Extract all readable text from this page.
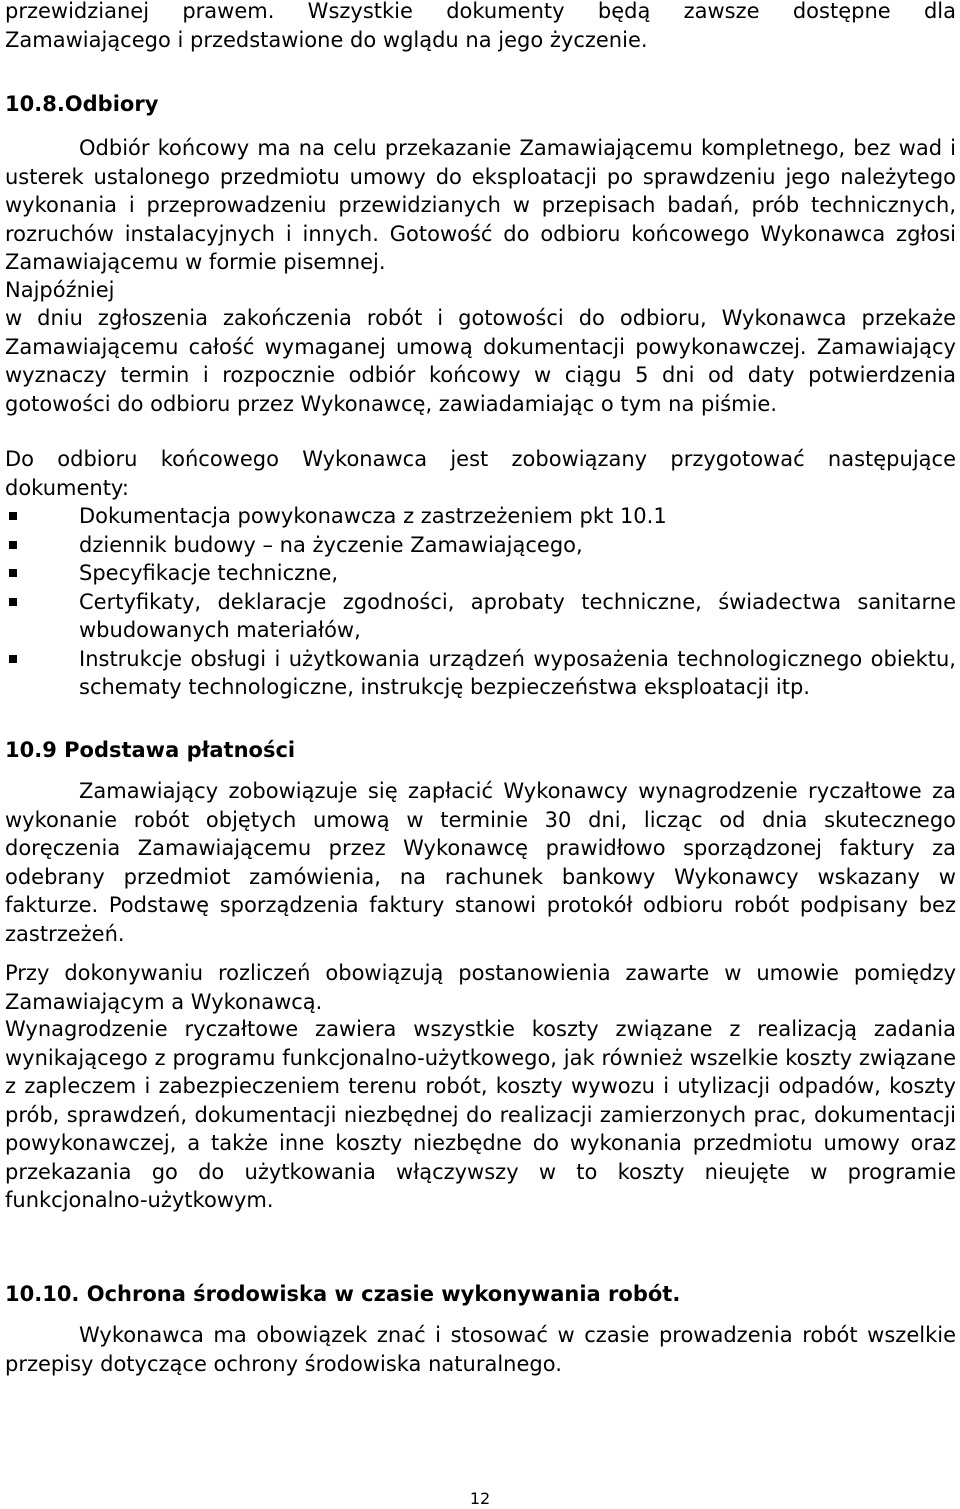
przewidzianej prawem. Wszystkie dokumenty będą zawsze dostępne dla

Zamawiającego i przedstawione do wglądu na jego życzenie.

10.8.Odbiory

Odbiór końcowy ma na celu przekazanie Zamawiającemu kompletnego, bez wad i usterek ustalonego przedmiotu umowy do eksploatacji po sprawdzeniu jego należytego wykonania i przeprowadzeniu przewidzianych w przepisach badań, prób technicznych, rozruchów instalacyjnych i innych. Gotowość do odbioru końcowego Wykonawca zgłosi Zamawiającemu w formie pisemnej.

Najpóźniej

w dniu zgłoszenia zakończenia robót i gotowości do odbioru, Wykonawca przekaże Zamawiającemu całość wymaganej umową dokumentacji powykonawczej. Zamawiający wyznaczy termin i rozpocznie odbiór końcowy w ciągu 5 dni od daty potwierdzenia gotowości do odbioru przez Wykonawcę, zawiadamiając o tym na piśmie.

Do odbioru końcowego Wykonawca jest zobowiązany przygotować następujące dokumenty:

Dokumentacja powykonawcza z zastrzeżeniem pkt 10.1
dziennik budowy – na życzenie Zamawiającego,
Specyfikacje techniczne,
Certyfikaty, deklaracje zgodności, aprobaty techniczne, świadectwa sanitarne wbudowanych materiałów,
Instrukcje obsługi i użytkowania urządzeń wyposażenia technologicznego obiektu, schematy technologiczne, instrukcję bezpieczeństwa eksploatacji itp.
10.9 Podstawa płatności

Zamawiający zobowiązuje się zapłacić Wykonawcy wynagrodzenie ryczałtowe za wykonanie robót objętych umową w terminie 30 dni, licząc od dnia skutecznego doręczenia Zamawiającemu przez Wykonawcę prawidłowo sporządzonej faktury za odebrany przedmiot zamówienia, na rachunek bankowy Wykonawcy wskazany w fakturze. Podstawę sporządzenia faktury stanowi protokół odbioru robót podpisany bez zastrzeżeń.

Przy dokonywaniu rozliczeń obowiązują postanowienia zawarte w umowie pomiędzy Zamawiającym a Wykonawcą.

Wynagrodzenie ryczałtowe zawiera wszystkie koszty związane z realizacją zadania wynikającego z programu funkcjonalno-użytkowego, jak również wszelkie koszty związane z zapleczem i zabezpieczeniem terenu robót, koszty wywozu i utylizacji odpadów, koszty prób, sprawdzeń, dokumentacji niezbędnej do realizacji zamierzonych prac, dokumentacji powykonawczej, a także inne koszty niezbędne do wykonania przedmiotu umowy oraz przekazania go do użytkowania włączywszy w to koszty nieujęte w programie funkcjonalno-użytkowym.

10.10. Ochrona środowiska w czasie wykonywania robót.

Wykonawca ma obowiązek znać i stosować w czasie prowadzenia robót wszelkie przepisy dotyczące ochrony środowiska naturalnego.

12
